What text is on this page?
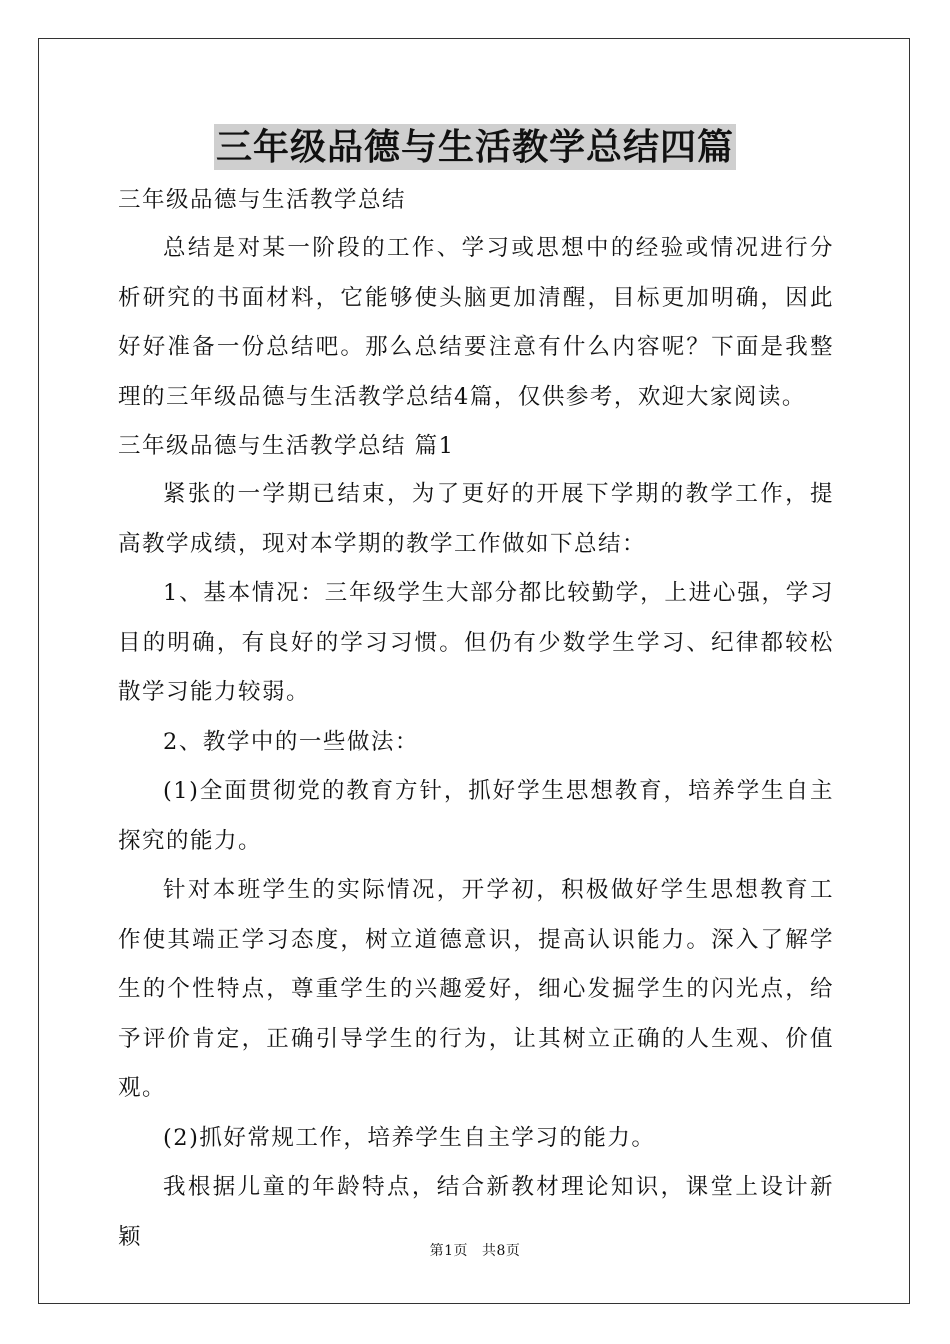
三年级品德与生活教学总结四篇

三年级品德与生活教学总结

总结是对某一阶段的工作、学习或思想中的经验或情况进行分析研究的书面材料，它能够使头脑更加清醒，目标更加明确，因此好好准备一份总结吧。那么总结要注意有什么内容呢？下面是我整理的三年级品德与生活教学总结4篇，仅供参考，欢迎大家阅读。

三年级品德与生活教学总结 篇1

紧张的一学期已结束，为了更好的开展下学期的教学工作，提高教学成绩，现对本学期的教学工作做如下总结：

1、基本情况：三年级学生大部分都比较勤学，上进心强，学习目的明确，有良好的学习习惯。但仍有少数学生学习、纪律都较松散学习能力较弱。

2、教学中的一些做法：

(1)全面贯彻党的教育方针，抓好学生思想教育，培养学生自主探究的能力。

针对本班学生的实际情况，开学初，积极做好学生思想教育工作使其端正学习态度，树立道德意识，提高认识能力。深入了解学生的个性特点，尊重学生的兴趣爱好，细心发掘学生的闪光点，给予评价肯定，正确引导学生的行为，让其树立正确的人生观、价值观。

(2)抓好常规工作，培养学生自主学习的能力。

我根据儿童的年龄特点，结合新教材理论知识，课堂上设计新颖

第1页 共8页
